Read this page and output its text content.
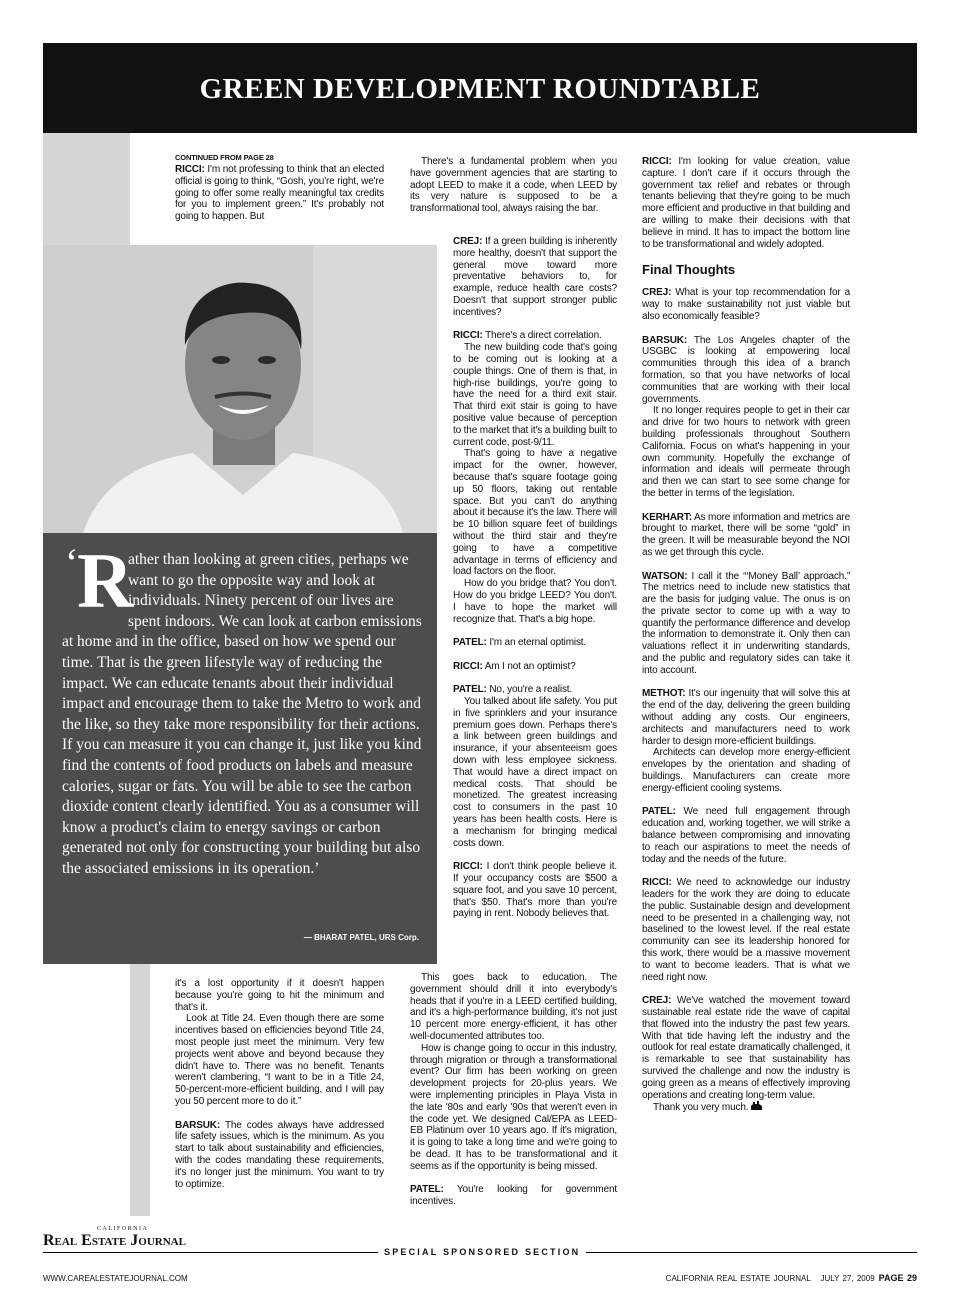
GREEN DEVELOPMENT ROUNDTABLE
CONTINUED FROM PAGE 28

RICCI: I'm not professing to think that an elected official is going to think, “Gosh, you're right, we're going to offer some really meaningful tax credits for you to implement green.” It's probably not going to happen. But

‘
R
ather than looking at green cities, perhaps we want to go the opposite way and look at individuals. Ninety percent of our lives are spent indoors. We can look at carbon emissions at home and in the office, based on how we spend our time. That is the green lifestyle way of reducing the impact. We can educate tenants about their individual impact and encourage them to take the Metro to work and the like, so they take more responsibility for their actions. If you can measure it you can change it, just like you kind find the contents of food products on labels and measure calories, sugar or fats. You will be able to see the carbon dioxide content clearly identified. You as a consumer will know a product's claim to energy savings or carbon generated not only for constructing your building but also the associated emissions in its operation.’
— BHARAT PATEL, URS Corp.

it's a lost opportunity if it doesn't happen because you're going to hit the minimum and that's it.

Look at Title 24. Even though there are some incentives based on efficiencies beyond Title 24, most people just meet the minimum. Very few projects went above and beyond because they didn't have to. There was no benefit. Tenants weren't clambering, “I want to be in a Title 24, 50-percent-more-efficient building, and I will pay you 50 percent more to do it.”

BARSUK: The codes always have addressed life safety issues, which is the minimum. As you start to talk about sustainability and efficiencies, with the codes mandating these requirements, it's no longer just the minimum. You want to try to optimize.

There's a fundamental problem when you have government agencies that are starting to adopt LEED to make it a code, when LEED by its very nature is supposed to be a transformational tool, always raising the bar.

CREJ: If a green building is inherently more healthy, doesn't that support the general move toward more preventative behaviors to, for example, reduce health care costs? Doesn't that support stronger public incentives?

RICCI: There's a direct correlation.

The new building code that's going to be coming out is looking at a couple things. One of them is that, in high-rise buildings, you're going to have the need for a third exit stair. That third exit stair is going to have positive value because of perception to the market that it's a building built to current code, post-9/11.

That's going to have a negative impact for the owner, however, because that's square footage going up 50 floors, taking out rentable space. But you can't do anything about it because it's the law. There will be 10 billion square feet of buildings without the third stair and they're going to have a competitive advantage in terms of efficiency and load factors on the floor.

How do you bridge that? You don't. How do you bridge LEED? You don't. I have to hope the market will recognize that. That's a big hope.

PATEL: I'm an eternal optimist.

RICCI: Am I not an optimist?

PATEL: No, you're a realist.

You talked about life safety. You put in five sprinklers and your insurance premium goes down. Perhaps there's a link between green buildings and insurance, if your absenteeism goes down with less employee sickness. That would have a direct impact on medical costs. That should be monetized. The greatest increasing cost to consumers in the past 10 years has been health costs. Here is a mechanism for bringing medical costs down.

RICCI: I don't think people believe it. If your occupancy costs are $500 a square foot, and you save 10 percent, that's $50. That's more than you're paying in rent. Nobody believes that.

This goes back to education. The government should drill it into everybody's heads that if you're in a LEED certified building, and it's a high-performance building, it's not just 10 percent more energy-efficient, it has other well-documented attributes too.

How is change going to occur in this industry, through migration or through a transformational event? Our firm has been working on green development projects for 20-plus years. We were implementing principles in Playa Vista in the late '80s and early '90s that weren't even in the code yet. We designed Cal/EPA as LEED-EB Platinum over 10 years ago. If it's migration, it is going to take a long time and we're going to be dead. It has to be transformational and it seems as if the opportunity is being missed.

PATEL: You're looking for government incentives.

RICCI: I'm looking for value creation, value capture. I don't care if it occurs through the government tax relief and rebates or through tenants believing that they're going to be much more efficient and productive in that building and are willing to make their decisions with that believe in mind. It has to impact the bottom line to be transformational and widely adopted.

Final Thoughts

CREJ: What is your top recommendation for a way to make sustainability not just viable but also economically feasible?

BARSUK: The Los Angeles chapter of the USGBC is looking at empowering local communities through this idea of a branch formation, so that you have networks of local communities that are working with their local governments.

It no longer requires people to get in their car and drive for two hours to network with green building professionals throughout Southern California. Focus on what's happening in your own community. Hopefully the exchange of information and ideals will permeate through and then we can start to see some change for the better in terms of the legislation.

KERHART: As more information and metrics are brought to market, there will be some “gold” in the green. It will be measurable beyond the NOI as we get through this cycle.

WATSON: I call it the “‘Money Ball’ approach.” The metrics need to include new statistics that are the basis for judging value. The onus is on the private sector to come up with a way to quantify the performance difference and develop the information to demonstrate it. Only then can valuations reflect it in underwriting standards, and the public and regulatory sides can take it into account.

METHOT: It's our ingenuity that will solve this at the end of the day, delivering the green building without adding any costs. Our engineers, architects and manufacturers need to work harder to design more-efficient buildings.

Architects can develop more energy-efficient envelopes by the orientation and shading of buildings. Manufacturers can create more energy-efficient cooling systems.

PATEL: We need full engagement through education and, working together, we will strike a balance between compromising and innovating to reach our aspirations to meet the needs of today and the needs of the future.

RICCI: We need to acknowledge our industry leaders for the work they are doing to educate the public. Sustainable design and development need to be presented in a challenging way, not baselined to the lowest level. If the real estate community can see its leadership honored for this work, there would be a massive movement to want to become leaders. That is what we need right now.

CREJ: We've watched the movement toward sustainable real estate ride the wave of capital that flowed into the industry the past few years. With that tide having left the industry and the outlook for real estate dramatically challenged, it is remarkable to see that sustainability has survived the challenge and now the industry is going green as a means of effectively improving operations and creating long-term value.

Thank you very much.

CALIFORNIA
Real Estate Journal
SPECIAL SPONSORED SECTION
WWW.CAREALESTATEJOURNAL.COM	CALIFORNIA REAL ESTATE JOURNAL JULY 27, 2009 PAGE 29
